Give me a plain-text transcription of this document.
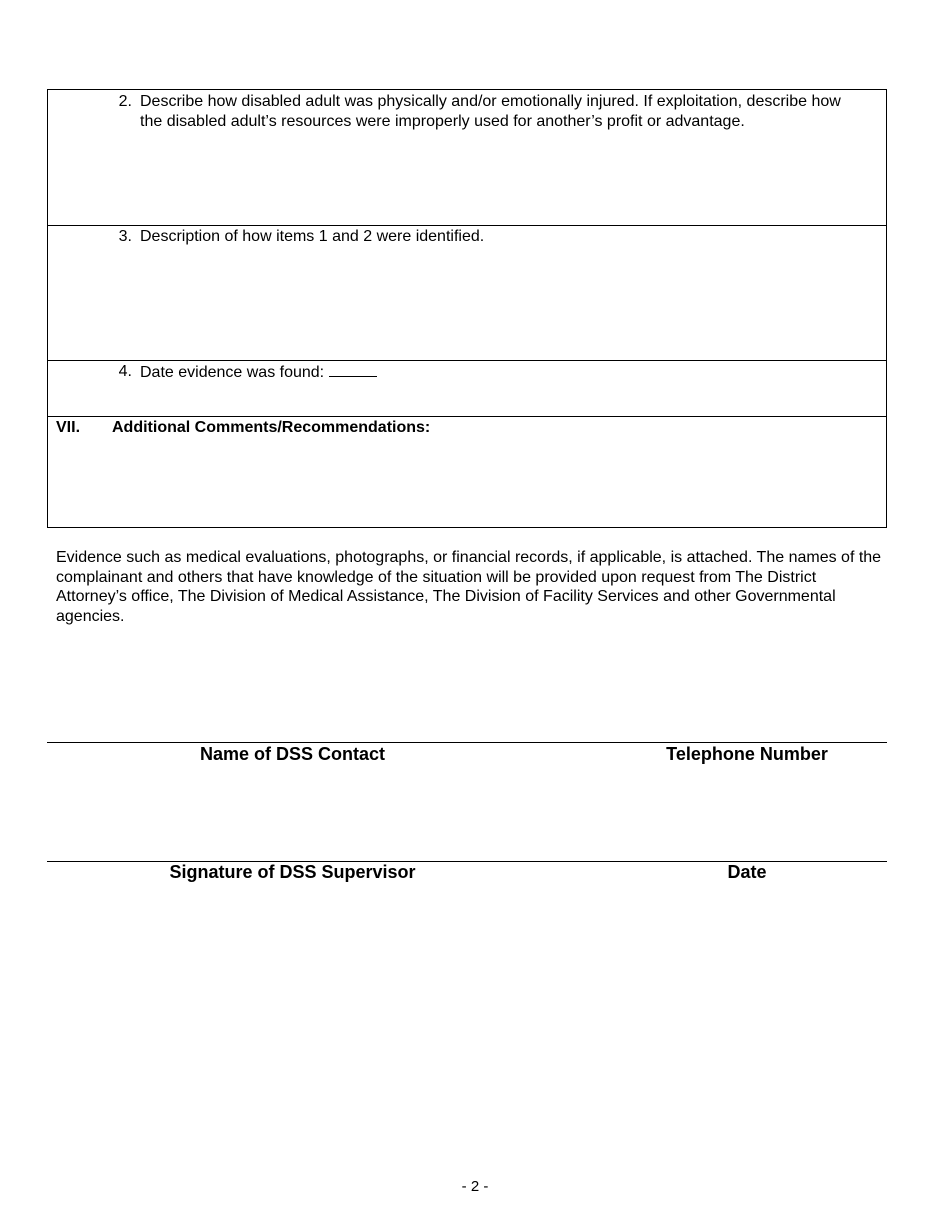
2. Describe how disabled adult was physically and/or emotionally injured. If exploitation, describe how the disabled adult’s resources were improperly used for another’s profit or advantage.
3. Description of how items 1 and 2 were identified.
4. Date evidence was found:
VII. Additional Comments/Recommendations:
Evidence such as medical evaluations, photographs, or financial records, if applicable, is attached. The names of the complainant and others that have knowledge of the situation will be provided upon request from The District Attorney’s office, The Division of Medical Assistance, The Division of Facility Services and other Governmental agencies.
Name of DSS Contact	Telephone Number
Signature of DSS Supervisor	Date
- 2 -
